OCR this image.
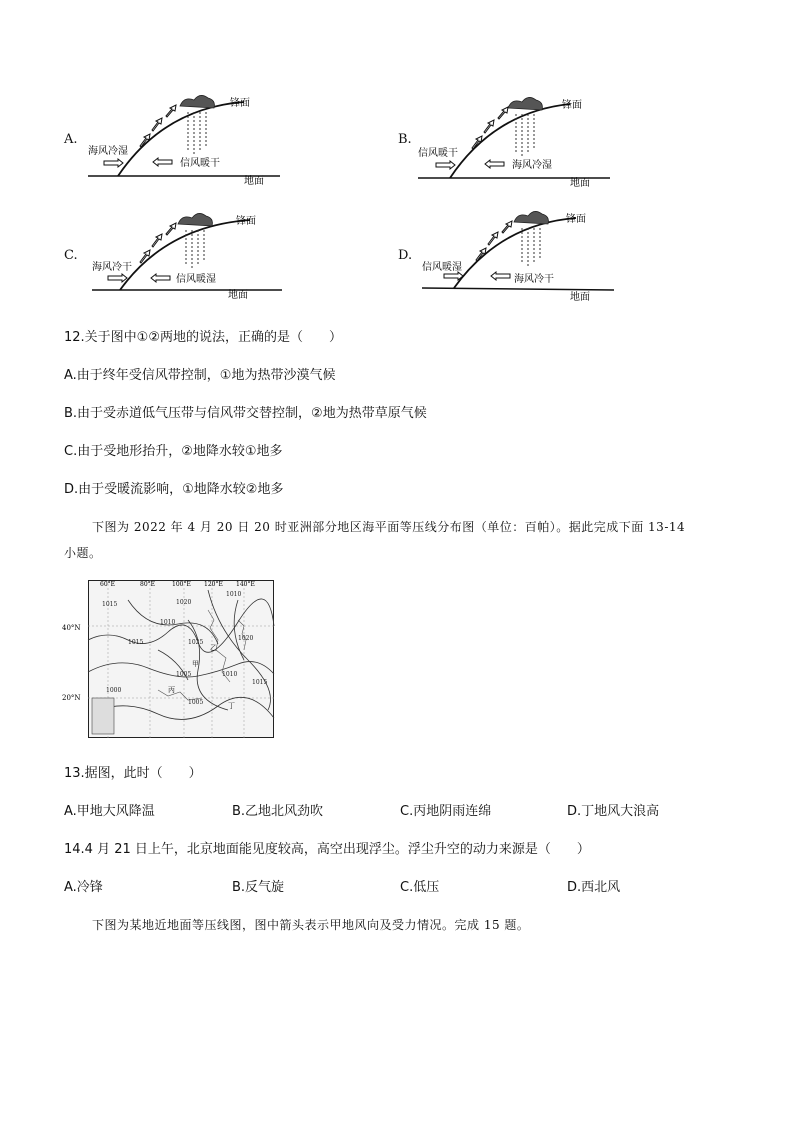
A.
海风冷湿
信风暖干
锋面
地面
B.
信风暖干
海风冷湿
锋面
地面
C.
海风冷干
信风暖湿
锋面
地面
D.
信风暖湿
海风冷干
锋面
地面
12.关于图中①②两地的说法，正确的是（　　）
A.由于终年受信风带控制，①地为热带沙漠气候
B.由于受赤道低气压带与信风带交替控制，②地为热带草原气候
C.由于受地形抬升，②地降水较①地多
D.由于受暖流影响，①地降水较②地多
下图为 2022 年 4 月 20 日 20 时亚洲部分地区海平面等压线分布图（单位：百帕）。据此完成下面 13-14
小题。
40°N
20°N
60°E	80°E	100°E 120°E 140°E
1015
1010
1020
1010
1015	1025
1005	1010
1015
1020
1000
1005
甲
乙
丙
丁
13.据图，此时（　　）
A.甲地大风降温	B.乙地北风劲吹	C.丙地阴雨连绵	D.丁地风大浪高
14.4 月 21 日上午，北京地面能见度较高，高空出现浮尘。浮尘升空的动力来源是（　　）
A.冷锋	B.反气旋	C.低压	D.西北风
下图为某地近地面等压线图，图中箭头表示甲地风向及受力情况。完成 15 题。
